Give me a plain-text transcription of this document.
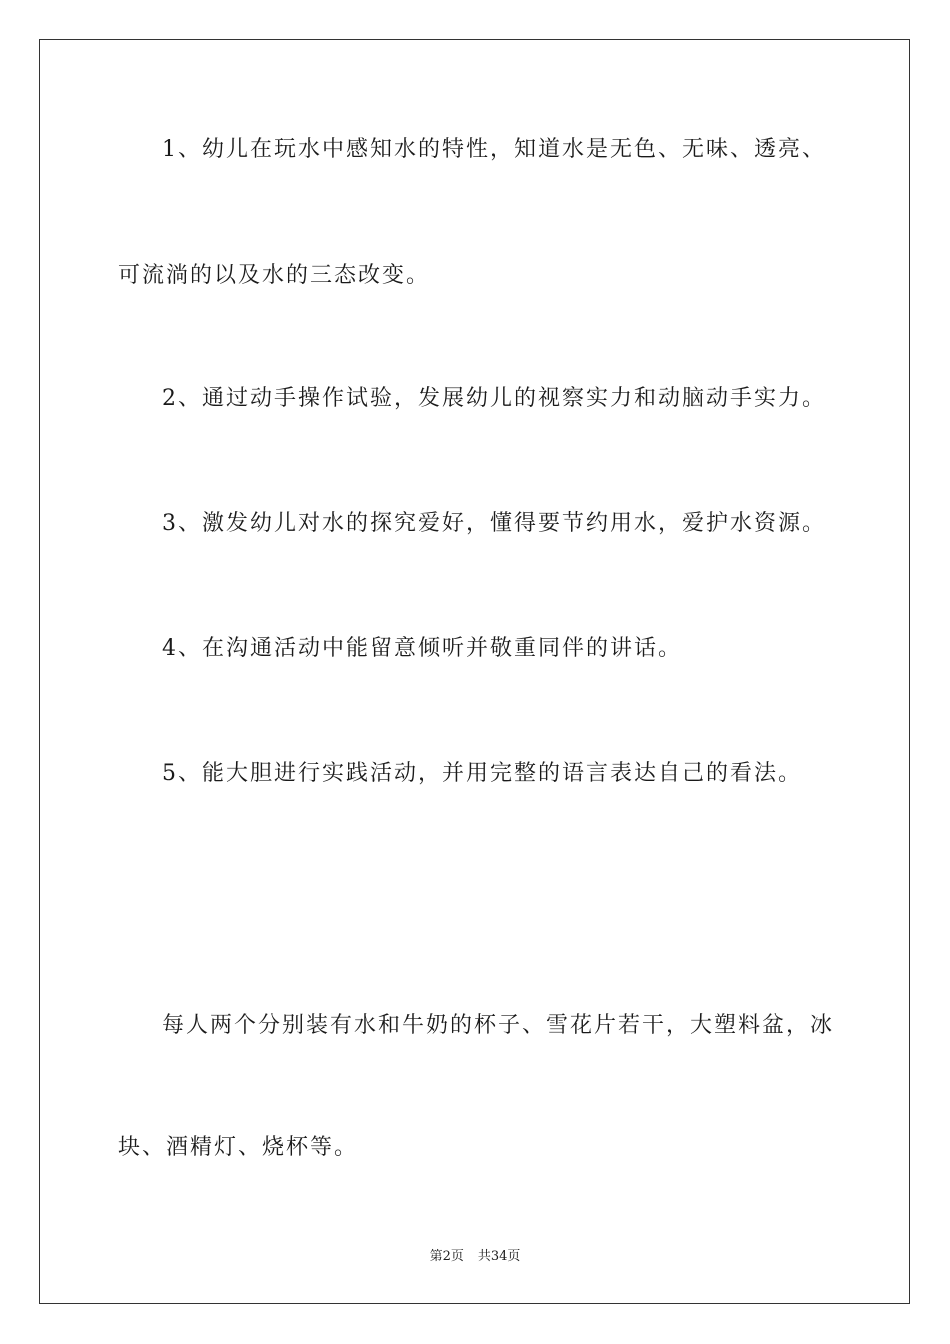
1、幼儿在玩水中感知水的特性，知道水是无色、无味、透亮、

可流淌的以及水的三态改变。

2、通过动手操作试验，发展幼儿的视察实力和动脑动手实力。

3、激发幼儿对水的探究爱好，懂得要节约用水，爱护水资源。

4、在沟通活动中能留意倾听并敬重同伴的讲话。

5、能大胆进行实践活动，并用完整的语言表达自己的看法。

每人两个分别装有水和牛奶的杯子、雪花片若干，大塑料盆，冰

块、酒精灯、烧杯等。

第2页 共34页
